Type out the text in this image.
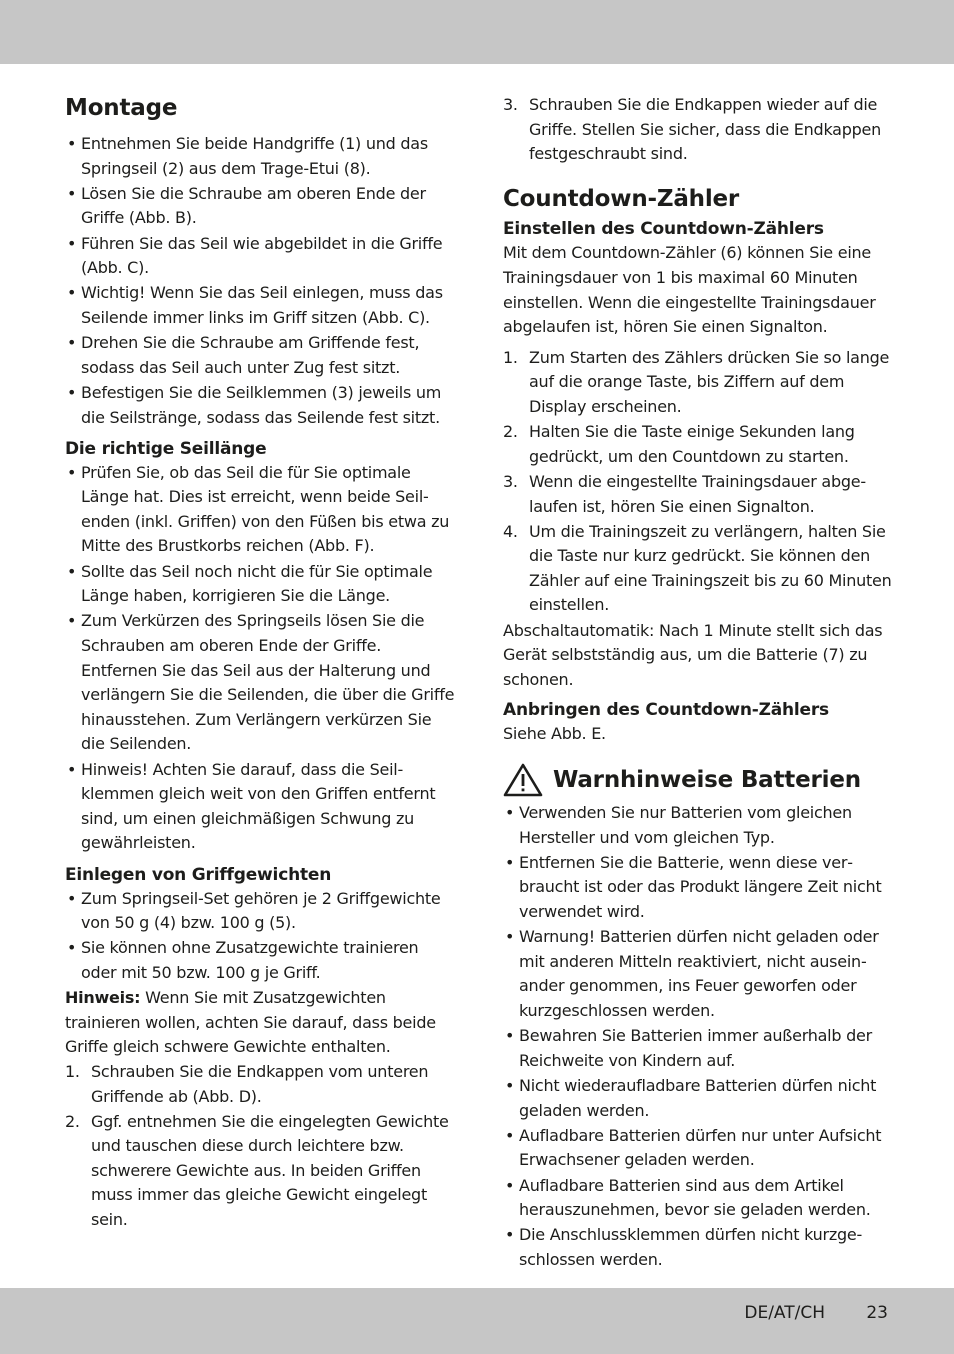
Montage
• Entnehmen Sie beide Handgriffe (1) und das Springseil (2) aus dem Trage-Etui (8).
• Lösen Sie die Schraube am oberen Ende der Griffe (Abb. B).
• Führen Sie das Seil wie abgebildet in die Griffe (Abb. C).
• Wichtig! Wenn Sie das Seil einlegen, muss das Seilende immer links im Griff sitzen (Abb. C).
• Drehen Sie die Schraube am Griffende fest, sodass das Seil auch unter Zug fest sitzt.
• Befestigen Sie die Seilklemmen (3) jeweils um die Seilstränge, sodass das Seilende fest sitzt.
Die richtige Seillänge
• Prüfen Sie, ob das Seil die für Sie optimale Länge hat. Dies ist erreicht, wenn beide Seilenden (inkl. Griffen) von den Füßen bis etwa zu Mitte des Brustkorbs reichen (Abb. F).
• Sollte das Seil noch nicht die für Sie optimale Länge haben, korrigieren Sie die Länge.
• Zum Verkürzen des Springseils lösen Sie die Schrauben am oberen Ende der Griffe. Entfernen Sie das Seil aus der Halterung und verlängern Sie die Seilenden, die über die Griffe hinausstehen. Zum Verlängern verkürzen Sie die Seilenden.
• Hinweis! Achten Sie darauf, dass die Seilklemmen gleich weit von den Griffen entfernt sind, um einen gleichmäßigen Schwung zu gewährleisten.
Einlegen von Griffgewichten
• Zum Springseil-Set gehören je 2 Griffgewichte von 50 g (4) bzw. 100 g (5).
• Sie können ohne Zusatzgewichte trainieren oder mit 50 bzw. 100 g je Griff.

Hinweis: Wenn Sie mit Zusatzgewichten trainieren wollen, achten Sie darauf, dass beide Griffe gleich schwere Gewichte enthalten.

1. Schrauben Sie die Endkappen vom unteren Griffende ab (Abb. D).
2. Ggf. entnehmen Sie die eingelegten Gewichte und tauschen diese durch leichtere bzw. schwerere Gewichte aus. In beiden Griffen muss immer das gleiche Gewicht eingelegt sein.
3. Schrauben Sie die Endkappen wieder auf die Griffe. Stellen Sie sicher, dass die Endkappen festgeschraubt sind.
Countdown-Zähler
Einstellen des Countdown-Zählers

Mit dem Countdown-Zähler (6) können Sie eine Trainingsdauer von 1 bis maximal 60 Minuten einstellen. Wenn die eingestellte Trainingsdauer abgelaufen ist, hören Sie einen Signalton.

1. Zum Starten des Zählers drücken Sie so lange auf die orange Taste, bis Ziffern auf dem Display erscheinen.
2. Halten Sie die Taste einige Sekunden lang gedrückt, um den Countdown zu starten.
3. Wenn die eingestellte Trainingsdauer abgelaufen ist, hören Sie einen Signalton.
4. Um die Trainingszeit zu verlängern, halten Sie die Taste nur kurz gedrückt. Sie können den Zähler auf eine Trainingszeit bis zu 60 Minuten einstellen.

Abschaltautomatik: Nach 1 Minute stellt sich das Gerät selbstständig aus, um die Batterie (7) zu schonen.

Anbringen des Countdown-Zählers

Siehe Abb. E.

Warnhinweise Batterien
• Verwenden Sie nur Batterien vom gleichen Hersteller und vom gleichen Typ.
• Entfernen Sie die Batterie, wenn diese verbraucht ist oder das Produkt längere Zeit nicht verwendet wird.
• Warnung! Batterien dürfen nicht geladen oder mit anderen Mitteln reaktiviert, nicht auseinander genommen, ins Feuer geworfen oder kurzgeschlossen werden.
• Bewahren Sie Batterien immer außerhalb der Reichweite von Kindern auf.
• Nicht wiederaufladbare Batterien dürfen nicht geladen werden.
• Aufladbare Batterien dürfen nur unter Aufsicht Erwachsener geladen werden.
• Aufladbare Batterien sind aus dem Artikel herauszunehmen, bevor sie geladen werden.
• Die Anschlussklemmen dürfen nicht kurzgeschlossen werden.
DE/AT/CH 23
